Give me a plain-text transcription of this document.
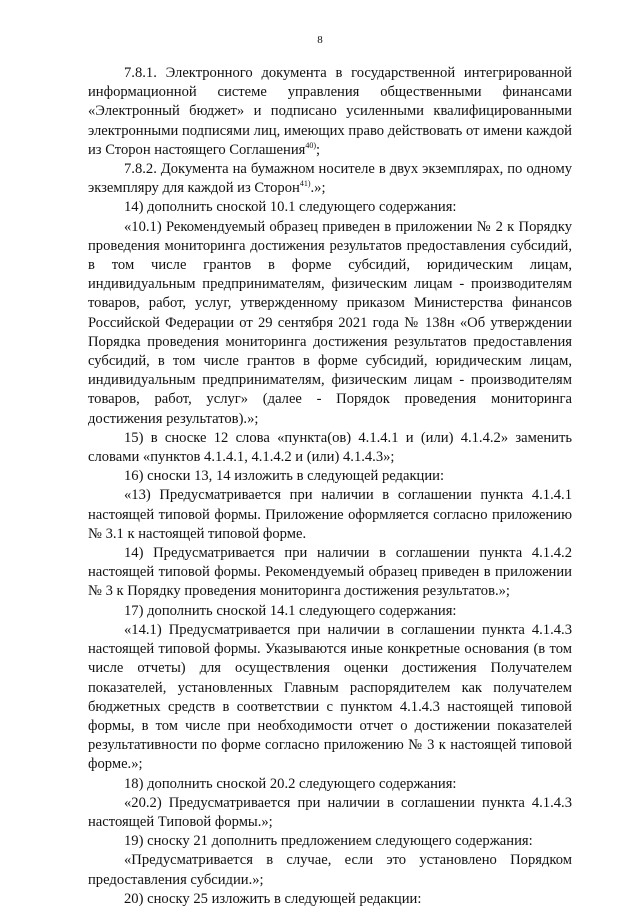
8

7.8.1. Электронного документа в государственной интегрированной информационной системе управления общественными финансами «Электронный бюджет» и подписано усиленными квалифицированными электронными подписями лиц, имеющих право действовать от имени каждой из Сторон настоящего Соглашения$^{40)}$;

7.8.2. Документа на бумажном носителе в двух экземплярах, по одному экземпляру для каждой из Сторон$^{41)}$.»;

14) дополнить сноской 10.1 следующего содержания:

«10.1) Рекомендуемый образец приведен в приложении № 2 к Порядку проведения мониторинга достижения результатов предоставления субсидий, в том числе грантов в форме субсидий, юридическим лицам, индивидуальным предпринимателям, физическим лицам - производителям товаров, работ, услуг, утвержденному приказом Министерства финансов Российской Федерации от 29 сентября 2021 года № 138н «Об утверждении Порядка проведения мониторинга достижения результатов предоставления субсидий, в том числе грантов в форме субсидий, юридическим лицам, индивидуальным предпринимателям, физическим лицам - производителям товаров, работ, услуг» (далее - Порядок проведения мониторинга достижения результатов).»;

15) в сноске 12 слова «пункта(ов) 4.1.4.1 и (или) 4.1.4.2» заменить словами «пунктов 4.1.4.1, 4.1.4.2 и (или) 4.1.4.3»;

16) сноски 13, 14 изложить в следующей редакции:

«13) Предусматривается при наличии в соглашении пункта 4.1.4.1 настоящей типовой формы. Приложение оформляется согласно приложению № 3.1 к настоящей типовой форме.

14) Предусматривается при наличии в соглашении пункта 4.1.4.2 настоящей типовой формы. Рекомендуемый образец приведен в приложении № 3 к Порядку проведения мониторинга достижения результатов.»;

17) дополнить сноской 14.1 следующего содержания:

«14.1) Предусматривается при наличии в соглашении пункта 4.1.4.3 настоящей типовой формы. Указываются иные конкретные основания (в том числе отчеты) для осуществления оценки достижения Получателем показателей, установленных Главным распорядителем как получателем бюджетных средств в соответствии с пунктом 4.1.4.3 настоящей типовой формы, в том числе при необходимости отчет о достижении показателей результативности по форме согласно приложению № 3 к настоящей типовой форме.»;

18) дополнить сноской 20.2 следующего содержания:

«20.2) Предусматривается при наличии в соглашении пункта 4.1.4.3 настоящей Типовой формы.»;

19) сноску 21 дополнить предложением следующего содержания:

«Предусматривается в случае, если это установлено Порядком предоставления субсидии.»;

20) сноску 25 изложить в следующей редакции:
